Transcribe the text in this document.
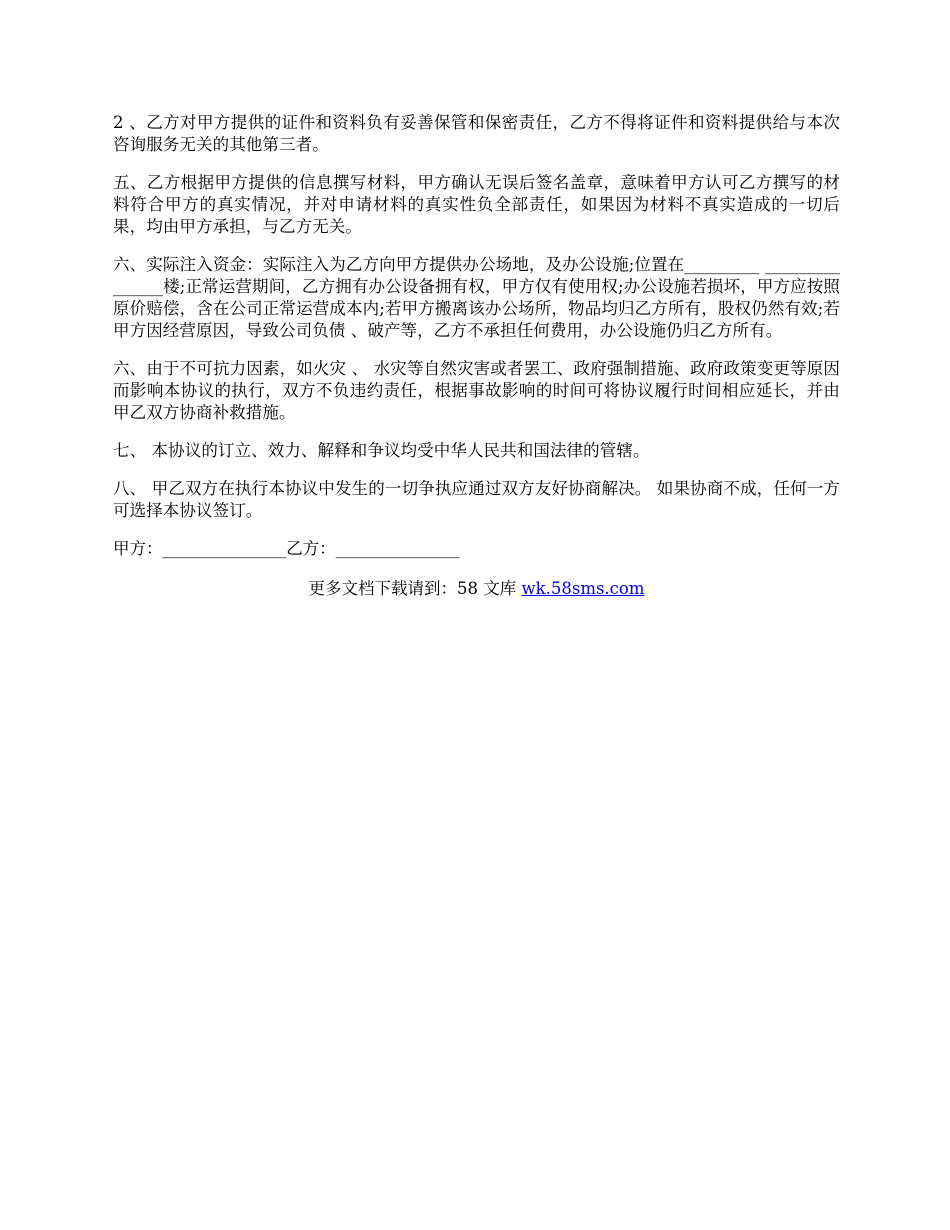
2 、乙方对甲方提供的证件和资料负有妥善保管和保密责任，乙方不得将证件和资料提供给与本次咨询服务无关的其他第三者。

五、乙方根据甲方提供的信息撰写材料，甲方确认无误后签名盖章，意味着甲方认可乙方撰写的材料符合甲方的真实情况，并对申请材料的真实性负全部责任，如果因为材料不真实造成的一切后果，均由甲方承担，与乙方无关。

六、实际注入资金：实际注入为乙方向甲方提供办公场地，及办公设施;位置在_________ _______________楼;正常运营期间，乙方拥有办公设备拥有权，甲方仅有使用权;办公设施若损坏，甲方应按照原价赔偿，含在公司正常运营成本内;若甲方搬离该办公场所，物品均归乙方所有，股权仍然有效;若甲方因经营原因，导致公司负债 、破产等，乙方不承担任何费用，办公设施仍归乙方所有。

六、由于不可抗力因素，如火灾 、 水灾等自然灾害或者罢工、政府强制措施、政府政策变更等原因而影响本协议的执行，双方不负违约责任，根据事故影响的时间可将协议履行时间相应延长，并由甲乙双方协商补救措施。

七、 本协议的订立、效力、解释和争议均受中华人民共和国法律的管辖。

八、 甲乙双方在执行本协议中发生的一切争执应通过双方友好协商解决。 如果协商不成，任何一方可选择本协议签订。

甲方：_______________乙方：_______________
更多文档下载请到：58 文库 wk.58sms.com
